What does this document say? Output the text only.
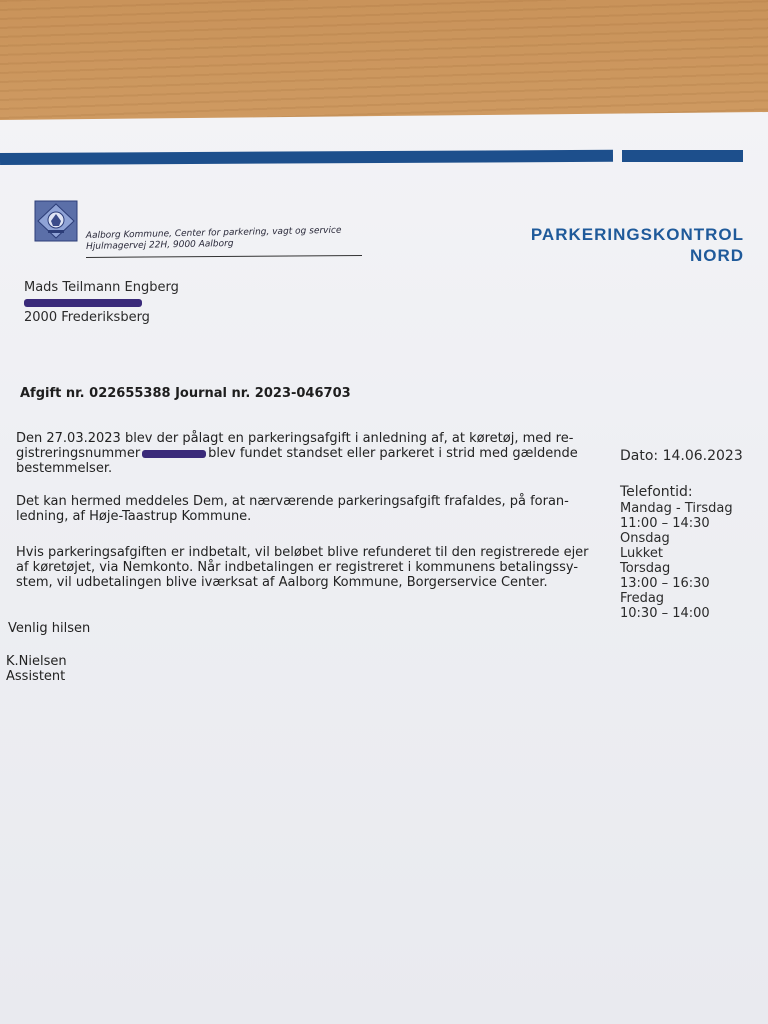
Aalborg Kommune, Center for parkering, vagt og service
Hjulmagervej 22H, 9000 Aalborg
PARKERINGSKONTROL
NORD
Mads Teilmann Engberg
2000 Frederiksberg
Afgift nr. 022655388 Journal nr. 2023-046703
Den 27.03.2023 blev der pålagt en parkeringsafgift i anledning af, at køretøj, med re-
gistreringsnummer	blev fundet standset eller parkeret i strid med gældende
bestemmelser.
Det kan hermed meddeles Dem, at nærværende parkeringsafgift frafaldes, på foran-
ledning, af Høje-Taastrup Kommune.
Hvis parkeringsafgiften er indbetalt, vil beløbet blive refunderet til den registrerede ejer
af køretøjet, via Nemkonto. Når indbetalingen er registreret i kommunens betalingssy-
stem, vil udbetalingen blive iværksat af Aalborg Kommune, Borgerservice Center.
Dato: 14.06.2023
Telefontid:
Mandag - Tirsdag
11:00 – 14:30
Onsdag
Lukket
Torsdag
13:00 – 16:30
Fredag
10:30 – 14:00
Venlig hilsen
K.Nielsen
Assistent
